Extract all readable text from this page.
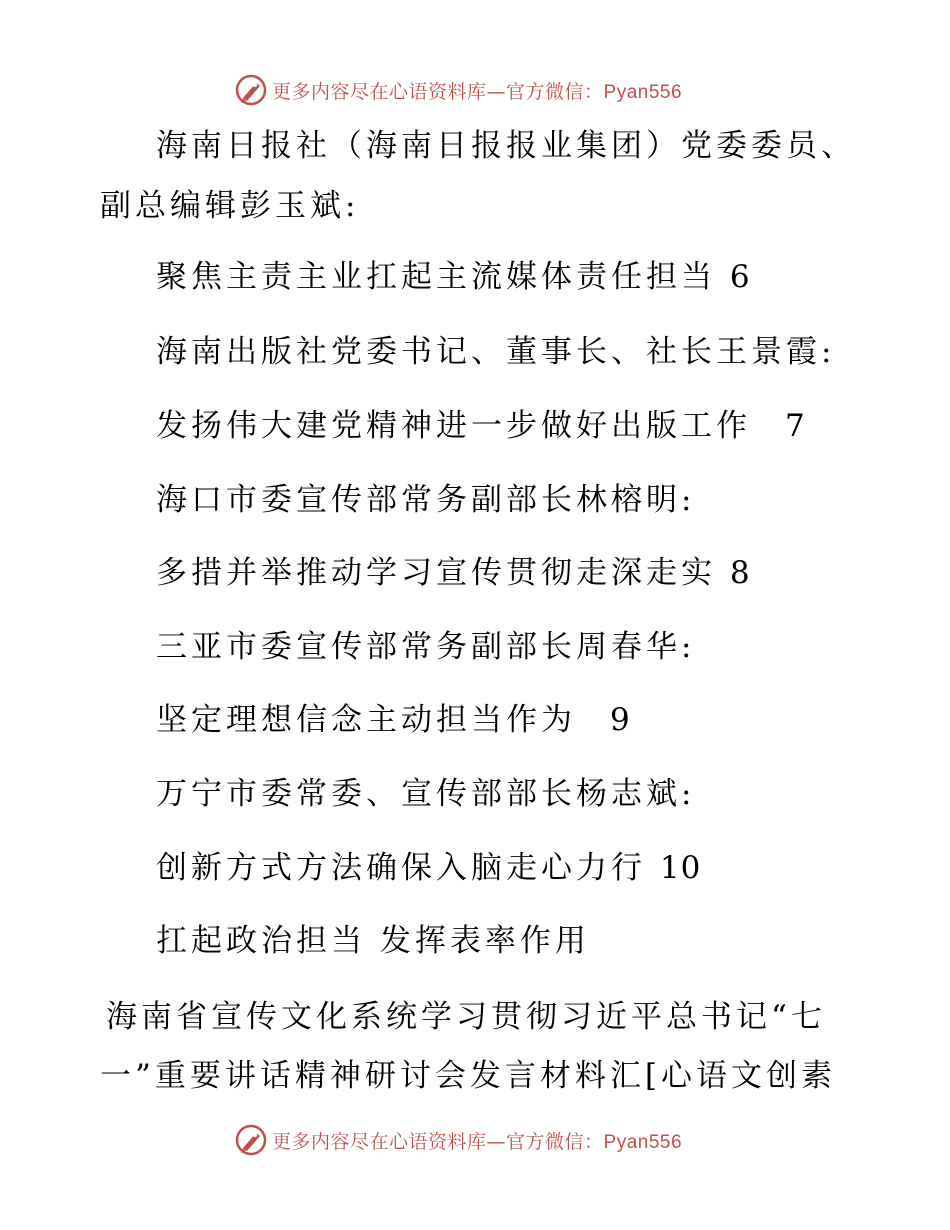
更多内容尽在心语资料库—官方微信：Pyan556
海南日报社（海南日报报业集团）党委委员、
副总编辑彭玉斌:
聚焦主责主业扛起主流媒体责任担当 6
海南出版社党委书记、董事长、社长王景霞:
发扬伟大建党精神进一步做好出版工作 7
海口市委宣传部常务副部长林榕明:
多措并举推动学习宣传贯彻走深走实 8
三亚市委宣传部常务副部长周春华:
坚定理想信念主动担当作为 9
万宁市委常委、宣传部部长杨志斌:
创新方式方法确保入脑走心力行 10
扛起政治担当 发挥表率作用
海南省宣传文化系统学习贯彻习近平总书记“七
一”重要讲话精神研讨会发言材料汇[心语文创素
更多内容尽在心语资料库—官方微信：Pyan556
